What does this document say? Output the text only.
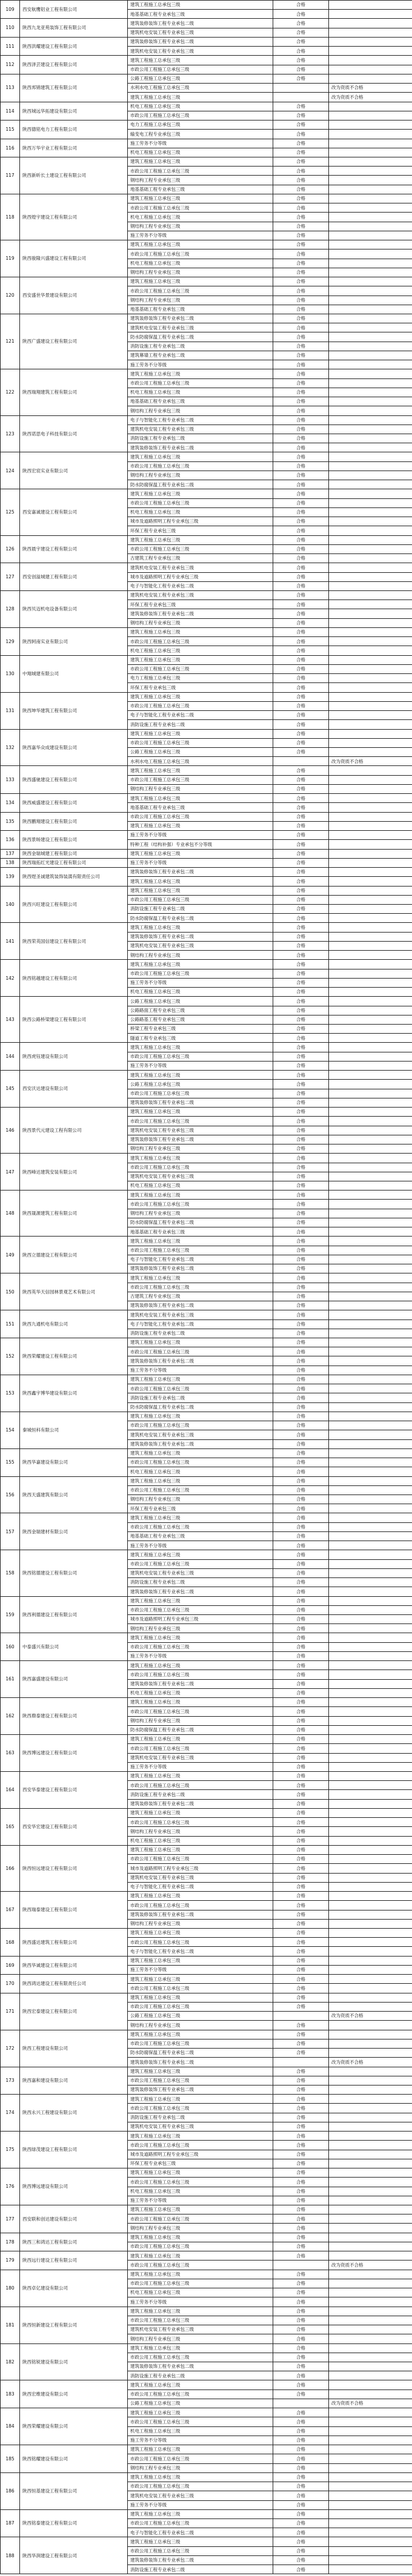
109	西安航鹰铝业工程有限公司	建筑工程施工总承包三级	合格	
		地基基础工程专业承包三级	合格	
110	陕西九龙亚苑装饰工程有限公司	建筑装修装饰工程专业承包二级	合格	
		建筑机电安装工程专业承包三级	合格	
111	陕西洪耀建设工程有限公司	建筑装修装饰工程专业承包二级	合格	
		建筑机电安装工程专业承包三级	合格	
112	陕西泽芸建设工程有限公司	建筑工程施工总承包三级	合格	
		市政公用工程施工总承包三级	合格	
113	陕西邦锦建筑工程有限公司	公路工程施工总承包三级	合格	
		水利水电工程施工总承包三级		改为资质不合格
		建筑工程施工总承包三级		改为资质不合格
114	陕西城远华拓建设有限公司	机电工程施工总承包三级	合格	
		市政公用工程施工总承包三级	合格	
115	陕西德铭电力工程有限公司	电力工程施工总承包三级	合格	
		输变电工程专业承包三级	合格	
116	陕西万华宇业工程有限公司	施工劳务不分等级	合格	
		机电工程施工总承包三级	合格	
117	陕西新昕长土建设工程有限公司	建筑工程施工总承包三级	合格	
		市政公用工程施工总承包三级	合格	
		钢结构工程专业承包三级	合格	
		地基基础工程专业承包三级	合格	
118	陕西煌宇建设工程有限公司	建筑工程施工总承包三级	合格	
		市政公用工程施工总承包三级	合格	
		机电工程施工总承包三级	合格	
		钢结构工程专业承包三级	合格	
		施工劳务不分等级	合格	
119	陕西骏隆兴盛建设工程有限公司	建筑工程施工总承包三级	合格	
		市政公用工程施工总承包三级	合格	
		机电工程施工总承包三级	合格	
		钢结构工程专业承包三级	合格	
120	西安盛世华景建设有限公司	建筑工程施工总承包三级	合格	
		市政公用工程施工总承包三级	合格	
		钢结构工程专业承包三级	合格	
		地基基础工程专业承包三级	合格	
121	陕西广盛建设工程有限公司	建筑装修装饰工程专业承包二级	合格	
		建筑机电安装工程专业承包三级	合格	
		防水防腐保温工程专业承包二级	合格	
		消防设施工程专业承包二级	合格	
		建筑幕墙工程专业承包二级	合格	
		施工劳务不分等级	合格	
122	陕西瑞翔建筑工程有限公司	建筑工程施工总承包三级	合格	
		市政公用工程施工总承包三级	合格	
		机电工程施工总承包三级	合格	
		地基基础工程专业承包三级	合格	
		钢结构工程专业承包三级	合格	
123	陕西诺思电子科技有限公司	电子与智能化工程专业承包二级	合格	
		建筑机电安装工程专业承包三级	合格	
		消防设施工程专业承包二级	合格	
		建筑装修装饰工程专业承包二级	合格	
124	陕西宏宸实业有限公司	建筑工程施工总承包三级	合格	
		市政公用工程施工总承包三级	合格	
		钢结构工程专业承包三级	合格	
		防水防腐保温工程专业承包二级	合格	
125	西安嘉诚建设工程有限公司	建筑工程施工总承包三级	合格	
		市政公用工程施工总承包三级	合格	
		机电工程施工总承包三级	合格	
		城市及道路照明工程专业承包三级	合格	
		环保工程专业承包三级	合格	
126	陕西晨宇建设工程有限公司	建筑工程施工总承包三级	合格	
		市政公用工程施工总承包三级	合格	
		古建筑工程专业承包三级	合格	
127	西安创溢城建工程有限公司	建筑机电安装工程专业承包三级	合格	
		城市及道路照明工程专业承包三级	合格	
		电子与智能化工程专业承包二级	合格	
128	陕西贝迈机电设备有限公司	建筑机电安装工程专业承包三级	合格	
		环保工程专业承包三级	合格	
		建筑装修装饰工程专业承包二级	合格	
		钢结构工程专业承包三级	合格	
129	陕西轲南实业有限公司	建筑工程施工总承包三级	合格	
		市政公用工程施工总承包三级	合格	
		机电工程施工总承包三级	合格	
130	中翔城建有限公司	建筑工程施工总承包三级	合格	
		市政公用工程施工总承包三级	合格	
		电力工程施工总承包三级	合格	
		环保工程专业承包三级	合格	
131	陕西坤华建筑工程有限公司	建筑工程施工总承包三级	合格	
		市政公用工程施工总承包三级	合格	
		电子与智能化工程专业承包二级	合格	
		消防设施工程专业承包二级	合格	
132	陕西嘉华众成建设有限公司	建筑工程施工总承包三级	合格	
		市政公用工程施工总承包三级	合格	
		公路工程施工总承包三级	合格	
		水利水电工程施工总承包三级		改为资质不合格
133	陕西盛驰建设工程有限公司	建筑工程施工总承包三级	合格	
		市政公用工程施工总承包三级	合格	
		钢结构工程专业承包三级	合格	
134	陕西威盛建设工程有限公司	建筑工程施工总承包三级	合格	
		地基基础工程专业承包三级	合格	
135	陕西鹏翔建设工程有限公司	市政公用工程施工总承包三级	合格	
		建筑工程施工总承包三级	合格	
136	陕西景旸建设工程有限公司	施工劳务不分等级	合格	
		特种工程（结构补强）专业承包不分等级	合格	
137	陕西金瑞城建工程有限公司	建筑工程施工总承包三级	合格	
138	陕西瑞拓红光建设工程有限公司	施工劳务不分等级	合格	
139	陕西煜圣诚建筑装饰装潢有限责任公司	建筑装修装饰工程专业承包二级	合格	
		建筑工程施工总承包三级	合格	
140	陕西兴旺建设工程有限公司	建筑工程施工总承包三级	合格	
		市政公用工程施工总承包三级	合格	
		消防设施工程专业承包二级	合格	
		防水防腐保温工程专业承包二级	合格	
141	陕西荣英国信建设工程有限公司	建筑工程施工总承包三级	合格	
		建筑装修装饰工程专业承包二级	合格	
		建筑机电安装工程专业承包三级	合格	
		钢结构工程专业承包三级	合格	
142	陕西铭越建设工程有限公司	建筑工程施工总承包三级	合格	
		市政公用工程施工总承包三级	合格	
		施工劳务不分等级	合格	
		机电工程施工总承包三级	合格	
143	陕西公路桥梁建设工程有限公司	公路工程施工总承包三级	合格	
		公路路面工程专业承包三级	合格	
		公路路基工程专业承包三级	合格	
		桥梁工程专业承包三级	合格	
		隧道工程专业承包三级	合格	
144	陕西虎钰建设有限公司	建筑工程施工总承包三级	合格	
		市政公用工程施工总承包三级	合格	
		施工劳务不分等级	合格	
145	西安沃达建设有限公司	建筑工程施工总承包三级	合格	
		公路工程施工总承包三级	合格	
		市政公用工程施工总承包三级	合格	
		建筑装修装饰工程专业承包二级	合格	
146	陕西景代元建设工程有限公司	建筑工程施工总承包三级	合格	
		市政公用工程施工总承包三级	合格	
		建筑机电安装工程专业承包三级	合格	
		建筑装修装饰工程专业承包二级	合格	
		钢结构工程专业承包三级	合格	
147	陕西峰达建筑安装有限公司	建筑工程施工总承包三级	合格	
		市政公用工程施工总承包三级	合格	
		建筑机电安装工程专业承包三级	合格	
		机电工程施工总承包三级	合格	
148	陕西晟源建筑工程有限公司	建筑工程施工总承包三级	合格	
		市政公用工程施工总承包三级	合格	
		钢结构工程专业承包三级	合格	
		防水防腐保温工程专业承包二级	合格	
		地基基础工程专业承包三级	合格	
149	陕西立德建设工程有限公司	建筑工程施工总承包三级	合格	
		市政公用工程施工总承包三级	合格	
		电子与智能化工程专业承包二级	合格	
		建筑装修装饰工程专业承包二级	合格	
150	陕西英华天信园林景观艺术有限公司	建筑工程施工总承包三级	合格	
		市政公用工程施工总承包三级	合格	
		古建筑工程专业承包三级	合格	
		建筑装修装饰工程专业承包二级	合格	
151	陕西九通机电有限公司	建筑机电安装工程专业承包三级	合格	
		电子与智能化工程专业承包二级	合格	
		消防设施工程专业承包二级	合格	
152	陕西荣耀建设工程有限公司	建筑工程施工总承包三级	合格	
		市政公用工程施工总承包三级	合格	
		建筑装修装饰工程专业承包二级	合格	
		施工劳务不分等级	合格	
153	陕西鑫宇博华建设有限公司	建筑工程施工总承包三级	合格	
		市政公用工程施工总承包三级	合格	
		消防设施工程专业承包二级	合格	
		防水防腐保温工程专业承包二级	合格	
154	秦城恒科有限公司	建筑工程施工总承包三级	合格	
		市政公用工程施工总承包三级	合格	
		建筑机电安装工程专业承包三级	合格	
		建筑装修装饰工程专业承包二级	合格	
155	陕西华嘉建设有限公司	建筑工程施工总承包三级	合格	
		市政公用工程施工总承包三级	合格	
		机电工程施工总承包三级	合格	
156	陕西天盛建筑有限公司	建筑工程施工总承包三级	合格	
		市政公用工程施工总承包三级	合格	
		钢结构工程专业承包三级	合格	
		环保工程专业承包三级	合格	
157	陕西金瑞建材有限公司	建筑工程施工总承包三级	合格	
		市政公用工程施工总承包三级	合格	
		地基基础工程专业承包三级	合格	
		施工劳务不分等级	合格	
158	陕西铭德建设工程有限公司	建筑工程施工总承包三级	合格	
		市政公用工程施工总承包三级	合格	
		建筑机电安装工程专业承包三级	合格	
		消防设施工程专业承包二级	合格	
		建筑装修装饰工程专业承包二级	合格	
159	陕西利德建设工程有限公司	建筑工程施工总承包三级	合格	
		市政公用工程施工总承包三级	合格	
		城市及道路照明工程专业承包三级	合格	
		钢结构工程专业承包三级	合格	
160	中泰盛兴有限公司	建筑工程施工总承包三级	合格	
		市政公用工程施工总承包三级	合格	
		施工劳务不分等级	合格	
161	陕西嘉盛建设有限公司	建筑工程施工总承包三级	合格	
		市政公用工程施工总承包三级	合格	
		建筑装修装饰工程专业承包二级	合格	
		机电工程施工总承包三级	合格	
162	陕西鼎泰建设工程有限公司	建筑工程施工总承包三级	合格	
		市政公用工程施工总承包三级	合格	
		钢结构工程专业承包三级	合格	
		防水防腐保温工程专业承包二级	合格	
163	陕西博远建设工程有限公司	建筑工程施工总承包三级	合格	
		市政公用工程施工总承包三级	合格	
		建筑机电安装工程专业承包三级	合格	
		施工劳务不分等级	合格	
164	西安华泰建设工程有限公司	建筑工程施工总承包三级	合格	
		市政公用工程施工总承包三级	合格	
		消防设施工程专业承包二级	合格	
		建筑装修装饰工程专业承包二级	合格	
165	西安华宏建设工程有限公司	建筑工程施工总承包三级	合格	
		市政公用工程施工总承包三级	合格	
		钢结构工程专业承包三级	合格	
		机电工程施工总承包三级	合格	
166	陕西恒远建设工程有限公司	建筑工程施工总承包三级	合格	
		市政公用工程施工总承包三级	合格	
		城市及道路照明工程专业承包三级	合格	
		建筑机电安装工程专业承包三级	合格	
		电子与智能化工程专业承包二级	合格	
167	陕西瑞泰建设工程有限公司	建筑工程施工总承包三级	合格	
		市政公用工程施工总承包三级	合格	
		建筑装修装饰工程专业承包二级	合格	
		钢结构工程专业承包三级	合格	
168	陕西盛达建筑工程有限公司	建筑工程施工总承包三级	合格	
		市政公用工程施工总承包三级	合格	
		电子与智能化工程专业承包二级	合格	
169	陕西华诚建设工程有限公司	建筑工程施工总承包三级	合格	
		施工劳务不分等级	合格	
170	陕西鸿达建设工程有限责任公司	建筑工程施工总承包三级	合格	
		市政公用工程施工总承包三级	合格	
171	陕西宏泰建设工程有限公司	建筑工程施工总承包三级	合格	
		市政公用工程施工总承包三级	合格	
		公路工程施工总承包三级		改为资质不合格
		钢结构工程专业承包三级	合格	
172	陕西工程建设有限公司	建筑工程施工总承包三级	合格	
		市政公用工程施工总承包三级	合格	
		防水防腐保温工程专业承包二级	合格	
		建筑装修装饰工程专业承包二级		改为资质不合格
173	陕西嘉和建设有限公司	建筑工程施工总承包三级	合格	
		市政公用工程施工总承包三级	合格	
		建筑装修装饰工程专业承包二级	合格	
174	陕西永兴工程建设有限公司	建筑工程施工总承包三级	合格	
		市政公用工程施工总承包三级	合格	
		消防设施工程专业承包二级	合格	
		建筑机电安装工程专业承包三级	合格	
175	陕西绿茂建设工程有限公司	建筑工程施工总承包三级	合格	
		市政公用工程施工总承包三级	合格	
		城市及道路照明工程专业承包三级	合格	
		环保工程专业承包三级	合格	
176	陕西博远建设有限公司	建筑工程施工总承包三级	合格	
		市政公用工程施工总承包三级	合格	
		机电工程施工总承包三级	合格	
		施工劳务不分等级	合格	
177	西安联和创达建设有限公司	建筑工程施工总承包三级	合格	
		市政公用工程施工总承包三级	合格	
		钢结构工程专业承包三级	合格	
178	陕西三和鸿达工程有限公司	建筑工程施工总承包三级	合格	
		市政公用工程施工总承包三级	合格	
179	陕西远行建设工程有限公司	建筑工程施工总承包三级	合格	
		市政公用工程施工总承包三级		改为资质不合格
180	陕西卓亿建设有限公司	建筑工程施工总承包三级	合格	
		市政公用工程施工总承包三级	合格	
		机电工程施工总承包三级	合格	
		施工劳务不分等级	合格	
181	陕西恒新建设工程有限公司	建筑工程施工总承包三级	合格	
		市政公用工程施工总承包三级	合格	
		建筑机电安装工程专业承包三级	合格	
		钢结构工程专业承包三级	合格	
182	陕西铭锐建设有限公司	建筑工程施工总承包三级	合格	
		市政公用工程施工总承包三级	合格	
		建筑装修装饰工程专业承包二级	合格	
		消防设施工程专业承包二级	合格	
183	陕西宏维建设有限公司	建筑工程施工总承包三级	合格	
		市政公用工程施工总承包三级	合格	
		公路工程施工总承包三级		改为资质不合格
184	陕西荣耀建设有限公司	建筑工程施工总承包三级	合格	
		市政公用工程施工总承包三级	合格	
		机电工程施工总承包三级	合格	
		施工劳务不分等级	合格	
185	陕西铭耀建设有限公司	建筑工程施工总承包三级	合格	
		市政公用工程施工总承包三级	合格	
		钢结构工程专业承包三级	合格	
186	陕西恒基建设工程有限公司	建筑工程施工总承包三级	合格	
		市政公用工程施工总承包三级	合格	
		建筑机电安装工程专业承包三级	合格	
		施工劳务不分等级	合格	
187	陕西铭泰建设工程有限公司	建筑工程施工总承包三级	合格	
		市政公用工程施工总承包三级	合格	
		电子与智能化工程专业承包二级	合格	
188	陕西华润建设工程有限公司	建筑工程施工总承包三级	合格	
		市政公用工程施工总承包三级	合格	
		建筑装修装饰工程专业承包二级	合格	
		消防设施工程专业承包二级	合格	
